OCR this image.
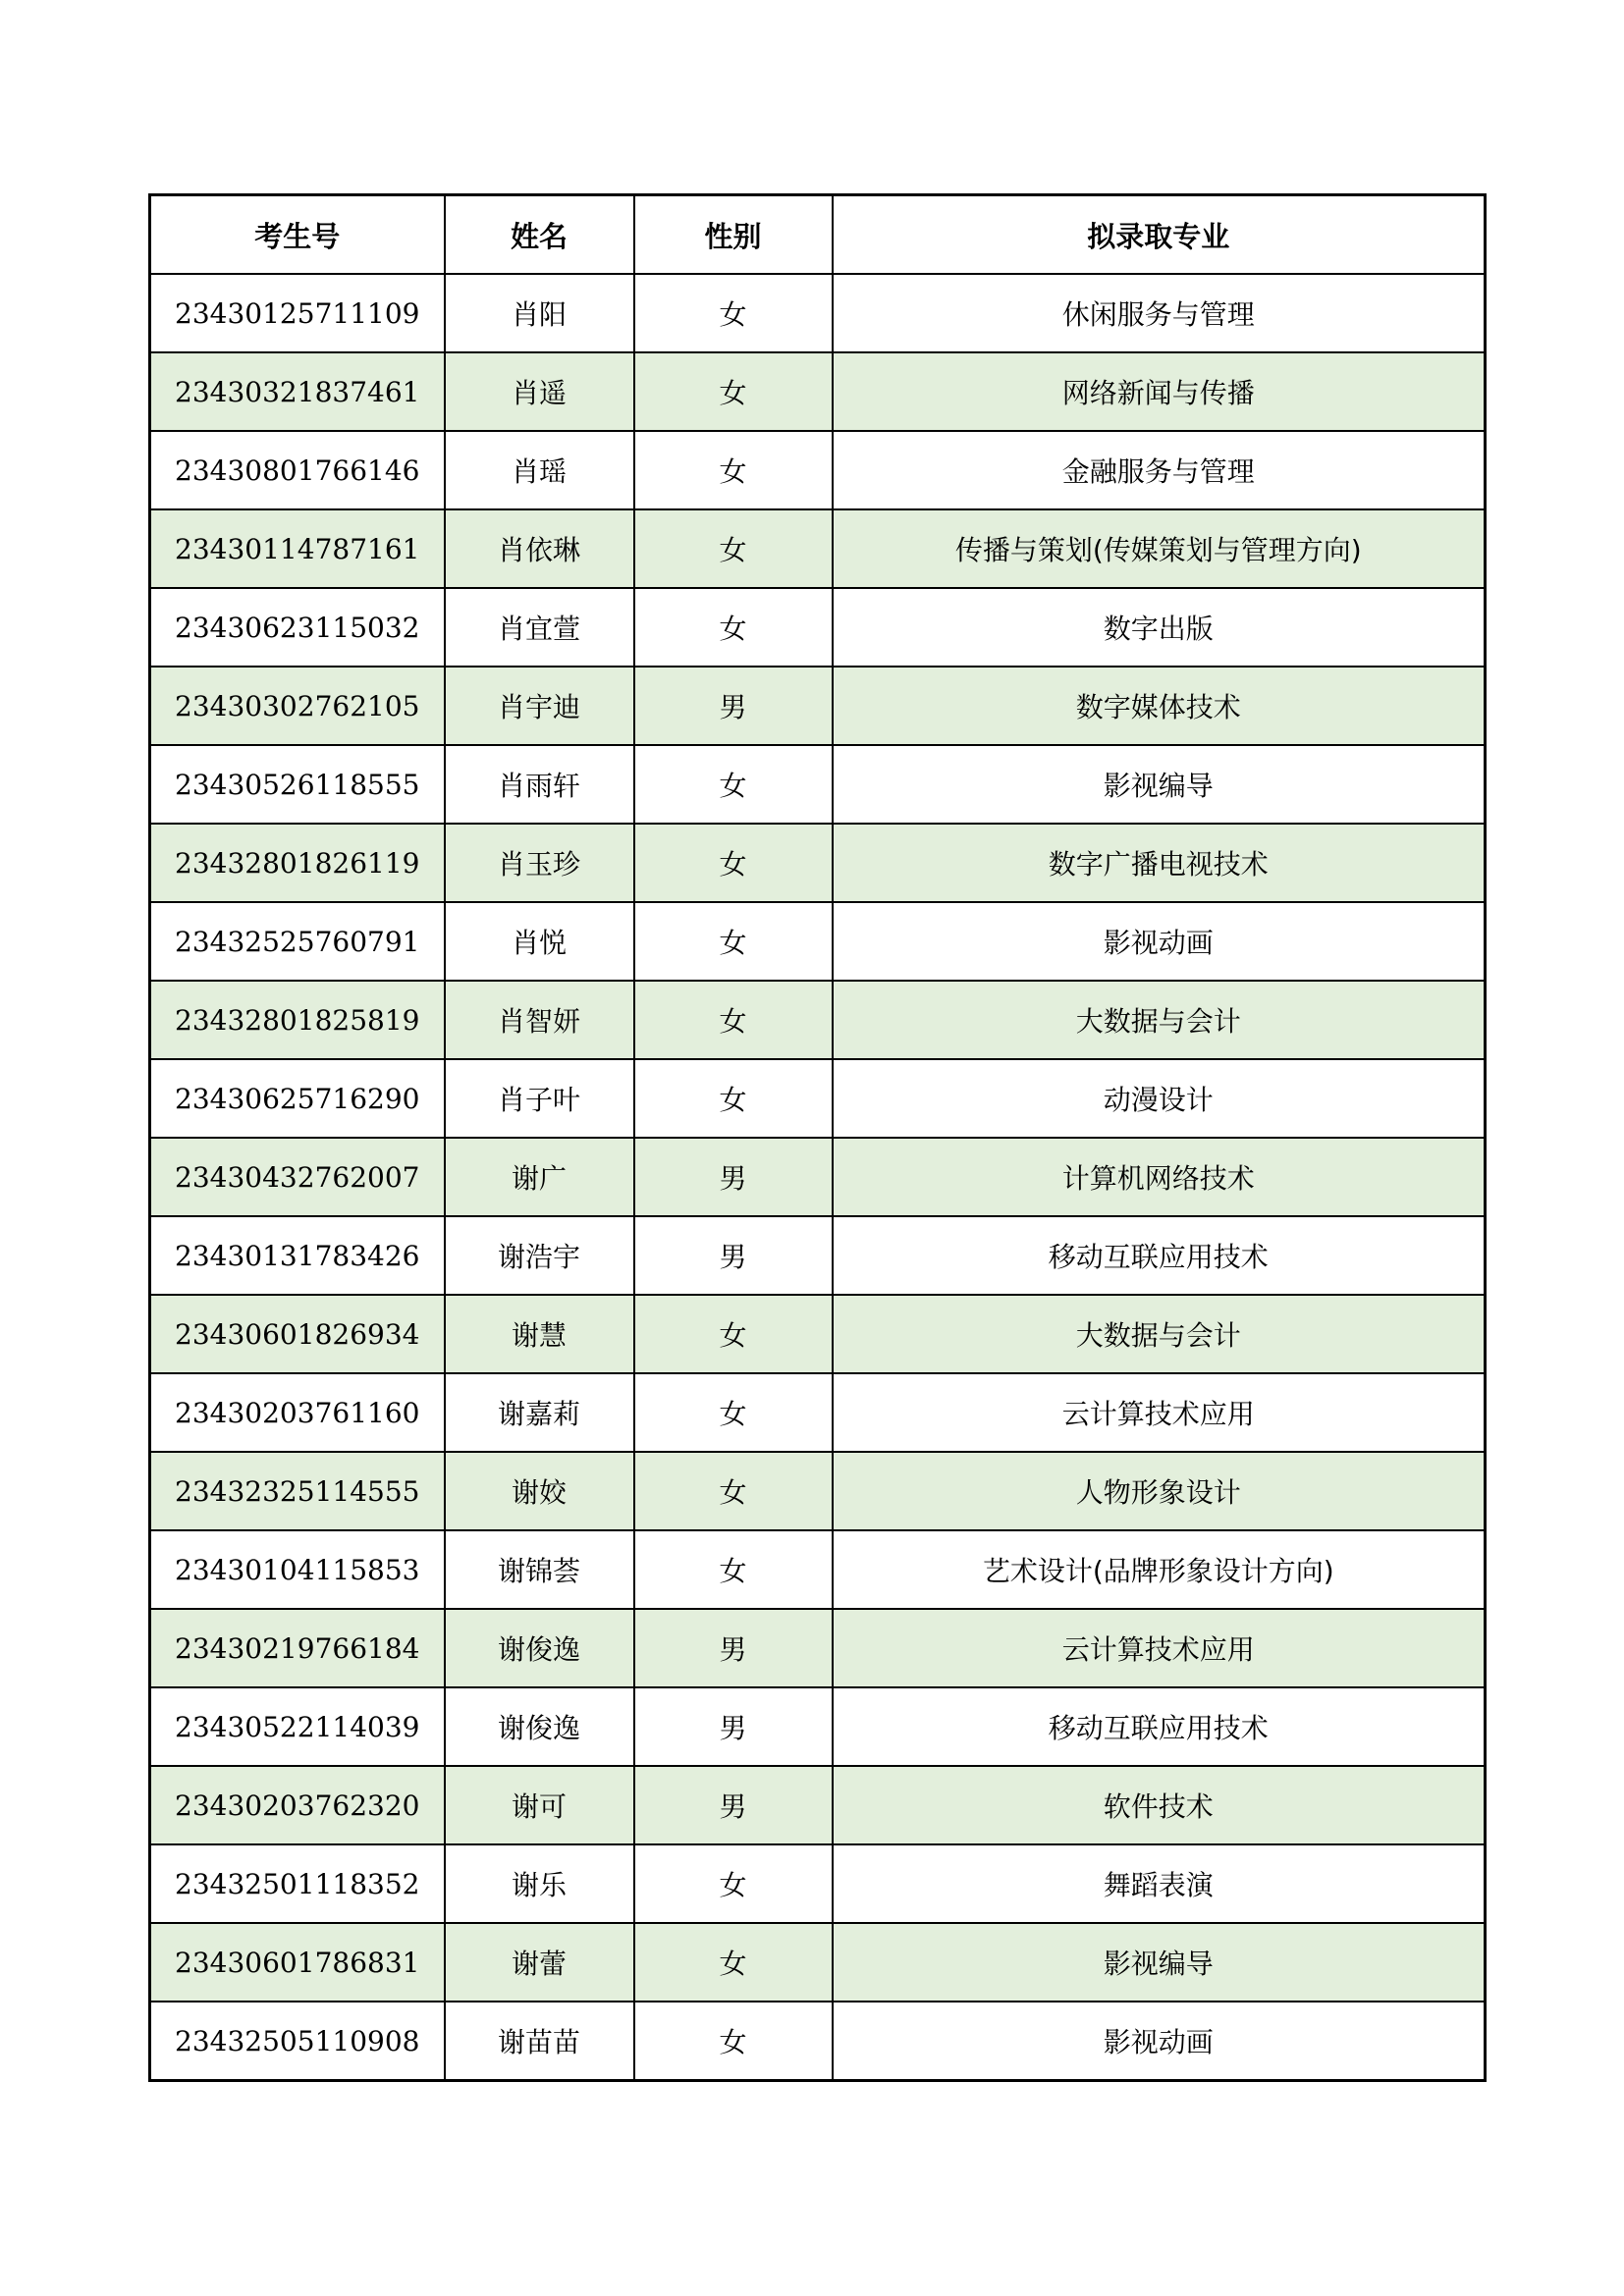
考生号	姓名	性别	拟录取专业
23430125711109	肖阳	女	休闲服务与管理
23430321837461	肖遥	女	网络新闻与传播
23430801766146	肖瑶	女	金融服务与管理
23430114787161	肖依琳	女	传播与策划(传媒策划与管理方向)
23430623115032	肖宜萱	女	数字出版
23430302762105	肖宇迪	男	数字媒体技术
23430526118555	肖雨轩	女	影视编导
23432801826119	肖玉珍	女	数字广播电视技术
23432525760791	肖悦	女	影视动画
23432801825819	肖智妍	女	大数据与会计
23430625716290	肖子叶	女	动漫设计
23430432762007	谢广	男	计算机网络技术
23430131783426	谢浩宇	男	移动互联应用技术
23430601826934	谢慧	女	大数据与会计
23430203761160	谢嘉莉	女	云计算技术应用
23432325114555	谢姣	女	人物形象设计
23430104115853	谢锦荟	女	艺术设计(品牌形象设计方向)
23430219766184	谢俊逸	男	云计算技术应用
23430522114039	谢俊逸	男	移动互联应用技术
23430203762320	谢可	男	软件技术
23432501118352	谢乐	女	舞蹈表演
23430601786831	谢蕾	女	影视编导
23432505110908	谢苗苗	女	影视动画
